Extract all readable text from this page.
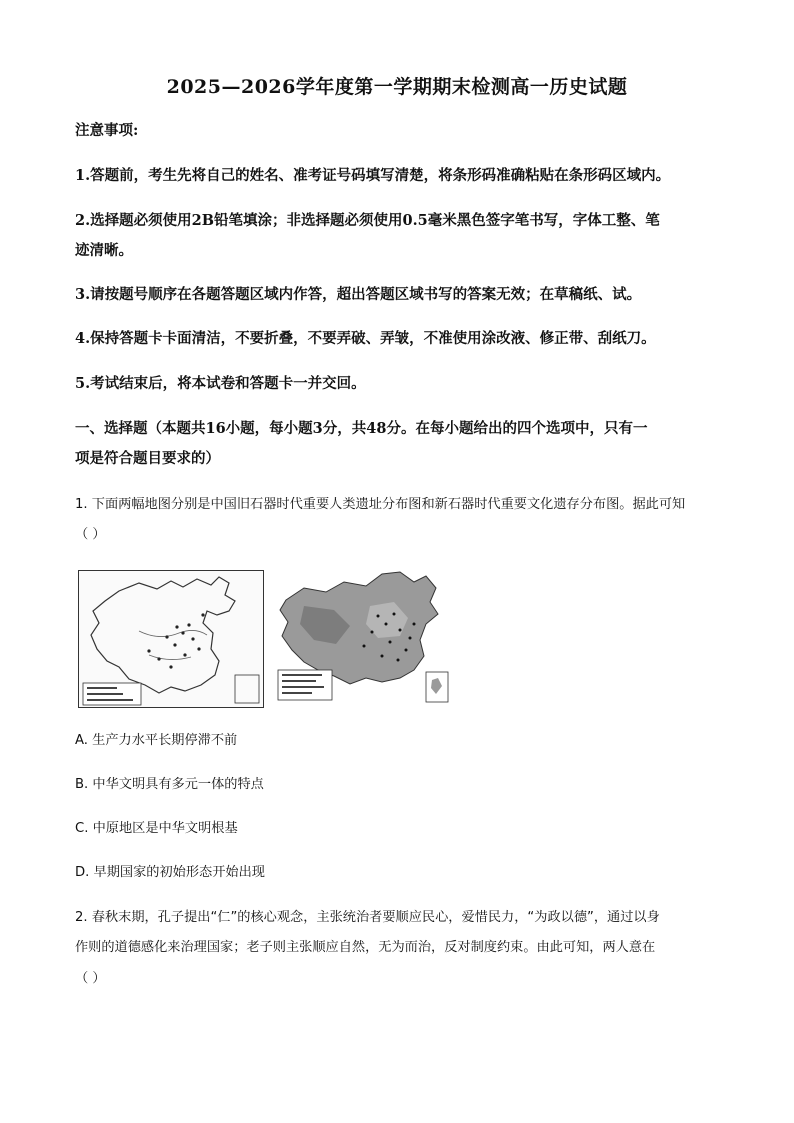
2025—2026学年度第一学期期末检测高一历史试题
注意事项:
1.答题前，考生先将自己的姓名、准考证号码填写清楚，将条形码准确粘贴在条形码区域内。
2.选择题必须使用2B铅笔填涂；非选择题必须使用0.5毫米黑色签字笔书写，字体工整、笔
迹清晰。
3.请按题号顺序在各题答题区域内作答，超出答题区域书写的答案无效；在草稿纸、试。
4.保持答题卡卡面清洁，不要折叠，不要弄破、弄皱，不准使用涂改液、修正带、刮纸刀。
5.考试结束后，将本试卷和答题卡一并交回。
一、选择题（本题共16小题，每小题3分，共48分。在每小题给出的四个选项中，只有一
项是符合题目要求的）
1. 下面两幅地图分别是中国旧石器时代重要人类遗址分布图和新石器时代重要文化遗存分布图。据此可知
（ ）
A. 生产力水平长期停滞不前
B. 中华文明具有多元一体的特点
C. 中原地区是中华文明根基
D. 早期国家的初始形态开始出现
2. 春秋末期，孔子提出“仁”的核心观念，主张统治者要顺应民心，爱惜民力，“为政以德”，通过以身
作则的道德感化来治理国家；老子则主张顺应自然，无为而治，反对制度约束。由此可知，两人意在
（ ）
